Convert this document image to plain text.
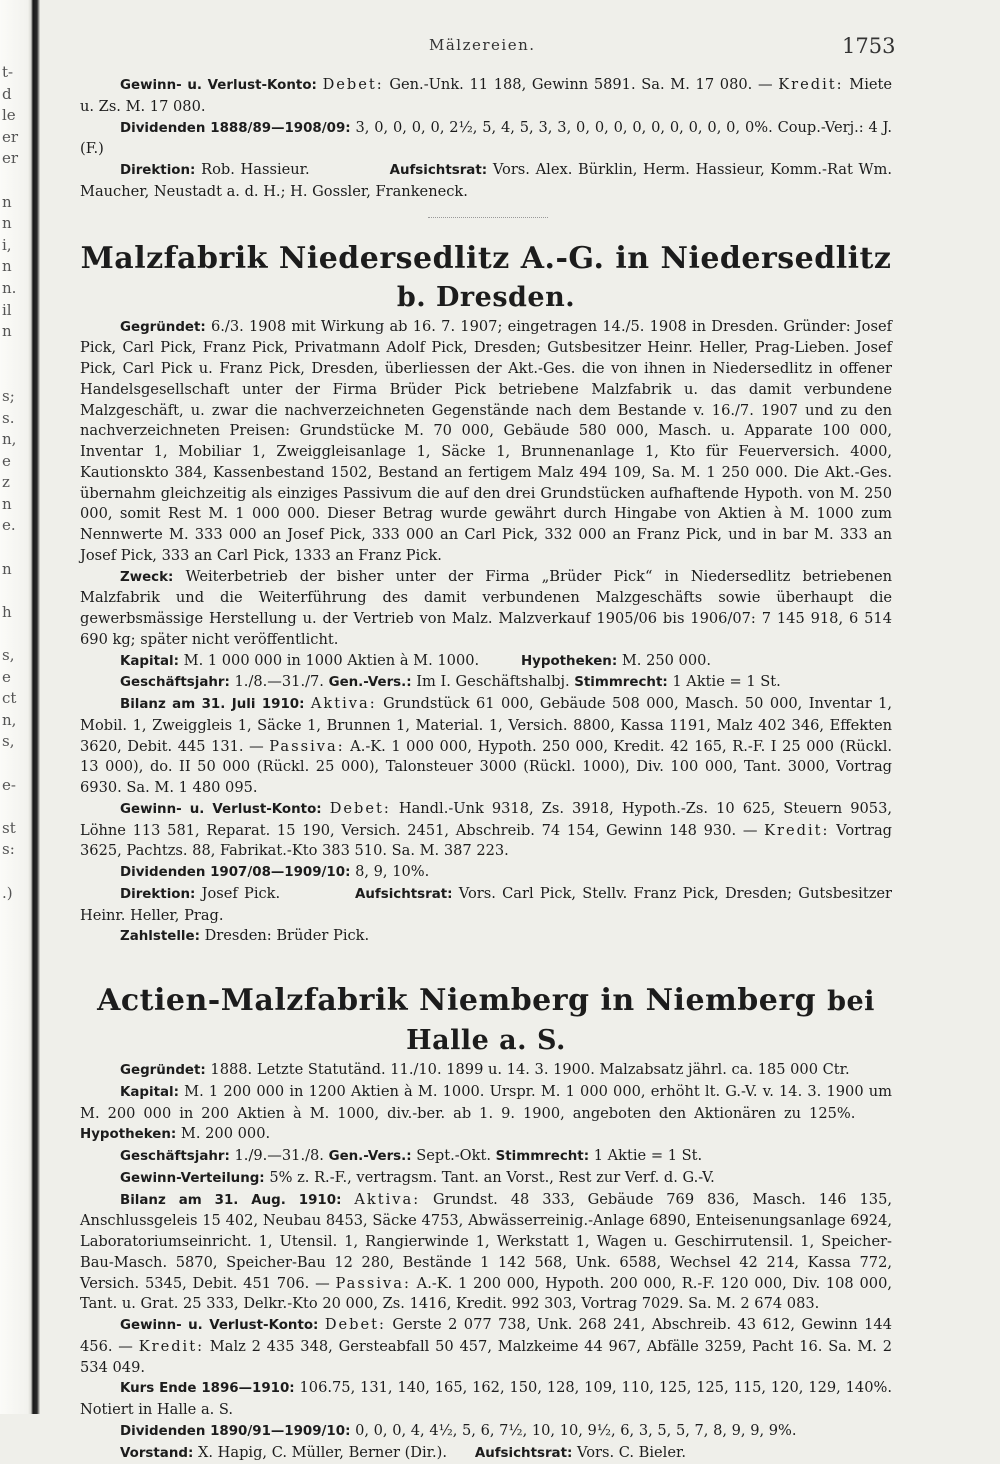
t-
d
le
er
er
n
n
i,
n
n.
il
n
s;
s.
n,
e
z
n
e.
n
h
s,
e
ct
n,
s,
e-
st
s:
.)
Mälzereien.	1753

Gewinn- u. Verlust-Konto: Debet: Gen.-Unk. 11 188, Gewinn 5891. Sa. M. 17 080. — Kredit: Miete u. Zs. M. 17 080.

Dividenden 1888/89—1908/09: 3, 0, 0, 0, 0, 2½, 5, 4, 5, 3, 3, 0, 0, 0, 0, 0, 0, 0, 0, 0, 0%. Coup.-Verj.: 4 J. (F.)

Direktion: Rob. Hassieur.	Aufsichtsrat: Vors. Alex. Bürklin, Herm. Hassieur, Komm.-Rat Wm. Maucher, Neustadt a. d. H.; H. Gossler, Frankeneck.

Malzfabrik Niedersedlitz A.-G. in Niedersedlitz b. Dresden.

Gegründet: 6./3. 1908 mit Wirkung ab 16. 7. 1907; eingetragen 14./5. 1908 in Dresden. Gründer: Josef Pick, Carl Pick, Franz Pick, Privatmann Adolf Pick, Dresden; Gutsbesitzer Heinr. Heller, Prag-Lieben. Josef Pick, Carl Pick u. Franz Pick, Dresden, überliessen der Akt.-Ges. die von ihnen in Niedersedlitz in offener Handelsgesellschaft unter der Firma Brüder Pick betriebene Malzfabrik u. das damit verbundene Malzgeschäft, u. zwar die nachverzeichneten Gegenstände nach dem Bestande v. 16./7. 1907 und zu den nachverzeichneten Preisen: Grundstücke M. 70 000, Gebäude 580 000, Masch. u. Apparate 100 000, Inventar 1, Mobiliar 1, Zweiggleisanlage 1, Säcke 1, Brunnenanlage 1, Kto für Feuerversich. 4000, Kautionskto 384, Kassenbestand 1502, Bestand an fertigem Malz 494 109, Sa. M. 1 250 000. Die Akt.-Ges. übernahm gleichzeitig als einziges Passivum die auf den drei Grundstücken aufhaftende Hypoth. von M. 250 000, somit Rest M. 1 000 000. Dieser Betrag wurde gewährt durch Hingabe von Aktien à M. 1000 zum Nennwerte M. 333 000 an Josef Pick, 333 000 an Carl Pick, 332 000 an Franz Pick, und in bar M. 333 an Josef Pick, 333 an Carl Pick, 1333 an Franz Pick.

Zweck: Weiterbetrieb der bisher unter der Firma „Brüder Pick“ in Niedersedlitz betriebenen Malzfabrik und die Weiterführung des damit verbundenen Malzgeschäfts sowie überhaupt die gewerbsmässige Herstellung u. der Vertrieb von Malz. Malzverkauf 1905/06 bis 1906/07: 7 145 918, 6 514 690 kg; später nicht veröffentlicht.

Kapital: M. 1 000 000 in 1000 Aktien à M. 1000.	Hypotheken: M. 250 000.

Geschäftsjahr: 1./8.—31./7. Gen.-Vers.: Im I. Geschäftshalbj. Stimmrecht: 1 Aktie = 1 St.

Bilanz am 31. Juli 1910: Aktiva: Grundstück 61 000, Gebäude 508 000, Masch. 50 000, Inventar 1, Mobil. 1, Zweiggleis 1, Säcke 1, Brunnen 1, Material. 1, Versich. 8800, Kassa 1191, Malz 402 346, Effekten 3620, Debit. 445 131. — Passiva: A.-K. 1 000 000, Hypoth. 250 000, Kredit. 42 165, R.-F. I 25 000 (Rückl. 13 000), do. II 50 000 (Rückl. 25 000), Talonsteuer 3000 (Rückl. 1000), Div. 100 000, Tant. 3000, Vortrag 6930. Sa. M. 1 480 095.

Gewinn- u. Verlust-Konto: Debet: Handl.-Unk 9318, Zs. 3918, Hypoth.-Zs. 10 625, Steuern 9053, Löhne 113 581, Reparat. 15 190, Versich. 2451, Abschreib. 74 154, Gewinn 148 930. — Kredit: Vortrag 3625, Pachtzs. 88, Fabrikat.-Kto 383 510. Sa. M. 387 223.

Dividenden 1907/08—1909/10: 8, 9, 10%.

Direktion: Josef Pick.	Aufsichtsrat: Vors. Carl Pick, Stellv. Franz Pick, Dresden; Gutsbesitzer Heinr. Heller, Prag.

Zahlstelle: Dresden: Brüder Pick.

Actien-Malzfabrik Niemberg in Niemberg bei Halle a. S.

Gegründet: 1888. Letzte Statutänd. 11./10. 1899 u. 14. 3. 1900. Malzabsatz jährl. ca. 185 000 Ctr.

Kapital: M. 1 200 000 in 1200 Aktien à M. 1000. Urspr. M. 1 000 000, erhöht lt. G.-V. v. 14. 3. 1900 um M. 200 000 in 200 Aktien à M. 1000, div.-ber. ab 1. 9. 1900, angeboten den Aktionären zu 125%.      Hypotheken: M. 200 000.

Geschäftsjahr: 1./9.—31./8. Gen.-Vers.: Sept.-Okt. Stimmrecht: 1 Aktie = 1 St.

Gewinn-Verteilung: 5% z. R.-F., vertragsm. Tant. an Vorst., Rest zur Verf. d. G.-V.

Bilanz am 31. Aug. 1910: Aktiva: Grundst. 48 333, Gebäude 769 836, Masch. 146 135, Anschlussgeleis 15 402, Neubau 8453, Säcke 4753, Abwässerreinig.-Anlage 6890, Enteisenungsanlage 6924, Laboratoriumseinricht. 1, Utensil. 1, Rangierwinde 1, Werkstatt 1, Wagen u. Geschirrutensil. 1, Speicher-Bau-Masch. 5870, Speicher-Bau 12 280, Bestände 1 142 568, Unk. 6588, Wechsel 42 214, Kassa 772, Versich. 5345, Debit. 451 706. — Passiva: A.-K. 1 200 000, Hypoth. 200 000, R.-F. 120 000, Div. 108 000, Tant. u. Grat. 25 333, Delkr.-Kto 20 000, Zs. 1416, Kredit. 992 303, Vortrag 7029. Sa. M. 2 674 083.

Gewinn- u. Verlust-Konto: Debet: Gerste 2 077 738, Unk. 268 241, Abschreib. 43 612, Gewinn 144 456. — Kredit: Malz 2 435 348, Gersteabfall 50 457, Malzkeime 44 967, Abfälle 3259, Pacht 16. Sa. M. 2 534 049.

Kurs Ende 1896—1910: 106.75, 131, 140, 165, 162, 150, 128, 109, 110, 125, 125, 115, 120, 129, 140%. Notiert in Halle a. S.

Dividenden 1890/91—1909/10: 0, 0, 0, 4, 4½, 5, 6, 7½, 10, 10, 9½, 6, 3, 5, 5, 7, 8, 9, 9, 9%.

Vorstand: X. Hapig, C. Müller, Berner (Dir.). Aufsichtsrat: Vors. C. Bieler.
